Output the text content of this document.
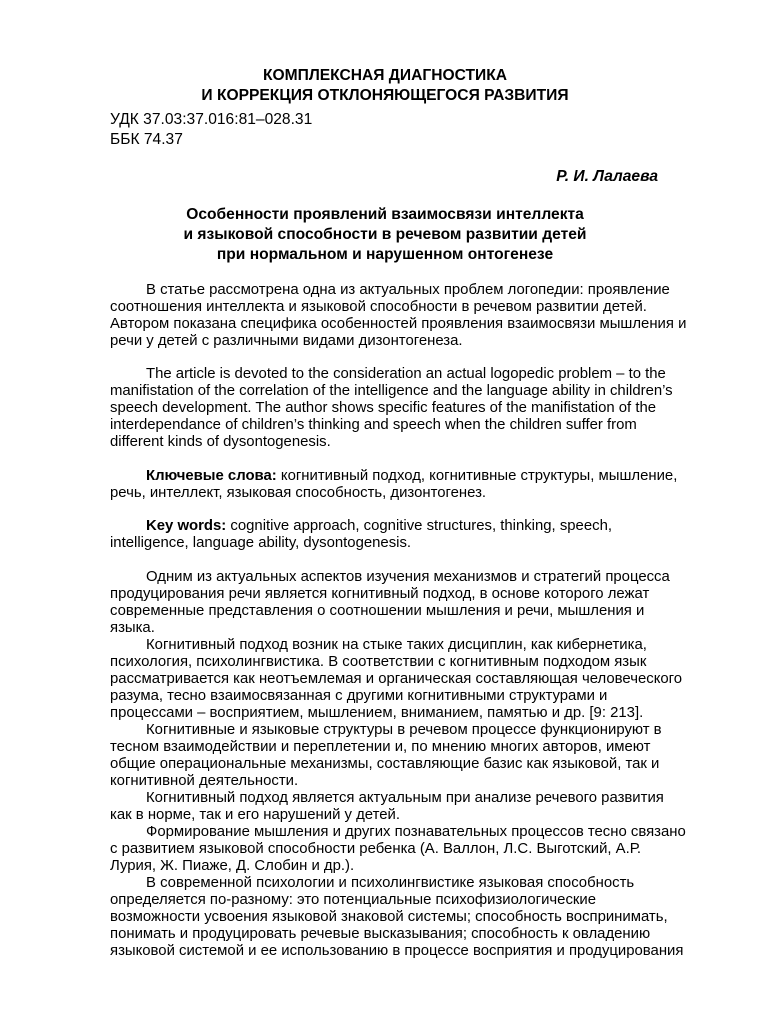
КОМПЛЕКСНАЯ ДИАГНОСТИКА
И КОРРЕКЦИЯ ОТКЛОНЯЮЩЕГОСЯ РАЗВИТИЯ
УДК 37.03:37.016:81–028.31
ББК 74.37
Р. И. Лалаева
Особенности проявлений взаимосвязи интеллекта
и языковой способности в речевом развитии детей
при нормальном и нарушенном онтогенезе
В статье рассмотрена одна из актуальных проблем логопедии: проявление
соотношения интеллекта и языковой способности в речевом развитии детей.
Автором показана специфика особенностей проявления взаимосвязи мышления и
речи у детей с различными видами дизонтогенеза.
The article is devoted to the consideration an actual logopedic problem – to the
manifistation of the correlation of the intelligence and the language ability in children’s
speech development. The author shows specific features of the manifistation of the
interdependance of children’s thinking and speech when the children suffer from
different kinds of dysontogenesis.
Ключевые слова: когнитивный подход, когнитивные структуры, мышление,
речь, интеллект, языковая способность, дизонтогенез.
Key words: cognitive approach, cognitive structures, thinking, speech,
intelligence, language ability, dysontogenesis.
Одним из актуальных аспектов изучения механизмов и стратегий процесса
продуцирования речи является когнитивный подход, в основе которого лежат
современные представления о соотношении мышления и речи, мышления и
языка.
Когнитивный подход возник на стыке таких дисциплин, как кибернетика,
психология, психолингвистика. В соответствии с когнитивным подходом язык
рассматривается как неотъемлемая и органическая составляющая человеческого
разума, тесно взаимосвязанная с другими когнитивными структурами и
процессами – восприятием, мышлением, вниманием, памятью и др. [9: 213].
Когнитивные и языковые структуры в речевом процессе функционируют в
тесном взаимодействии и переплетении и, по мнению многих авторов, имеют
общие операциональные механизмы, составляющие базис как языковой, так и
когнитивной деятельности.
Когнитивный подход является актуальным при анализе речевого развития
как в норме, так и его нарушений у детей.
Формирование мышления и других познавательных процессов тесно связано
с развитием языковой способности ребенка (А. Валлон, Л.С. Выготский, А.Р.
Лурия, Ж. Пиаже, Д. Слобин и др.).
В современной психологии и психолингвистике языковая способность
определяется по-разному: это потенциальные психофизиологические
возможности усвоения языковой знаковой системы; способность воспринимать,
понимать и продуцировать речевые высказывания; способность к овладению
языковой системой и ее использованию в процессе восприятия и продуцирования
